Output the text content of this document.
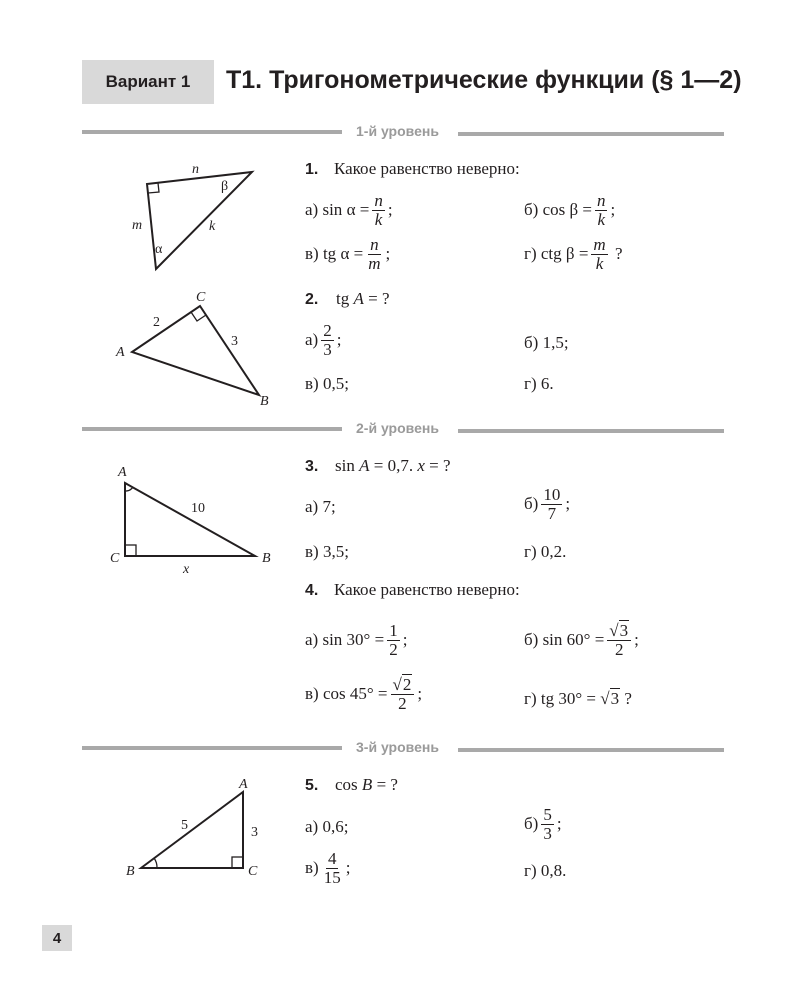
Вариант 1	Т1. Тригонометрические функции (§ 1—2)
1-й уровень
n
m	k
α
β
1. Какое равенство неверно:
а)
sin
α
= $\frac{n}{k}$ ;	б)
cos
β
= $\frac{n}{k}$ ;
в)
tg
α
= $\frac{n}{m}$ ;	г)
ctg
β
= $\frac{m}{k}$
?
A
C
B
2
3
2. tg A = ?
$а) \frac{2}{3}$ ;	б)
1,5;
в)
0,5;	г)
6.
2-й уровень
A
C	B
10
x
3. sin A = 0,7. x = ?
а)
7;	$б) \frac{10}{7}$ ;
в)
3,5;	г)
0,2.
4. Какое равенство неверно:
а)
$\sin 30^\circ = \frac{1}{2}$ ;	б)
$\sin 60^\circ = \frac{√3}{2}$ ;
в)
$\cos 45^\circ = \frac{√2}{2}$ ;	г)
tg 30° = √ 3
?
3-й уровень
A
B	C
5	3
5. cos B = ?
а)
0,6;	$б) \frac{5}{3}$ ;
$в) \frac{4}{15}$ ;	г)
0,8.
4
